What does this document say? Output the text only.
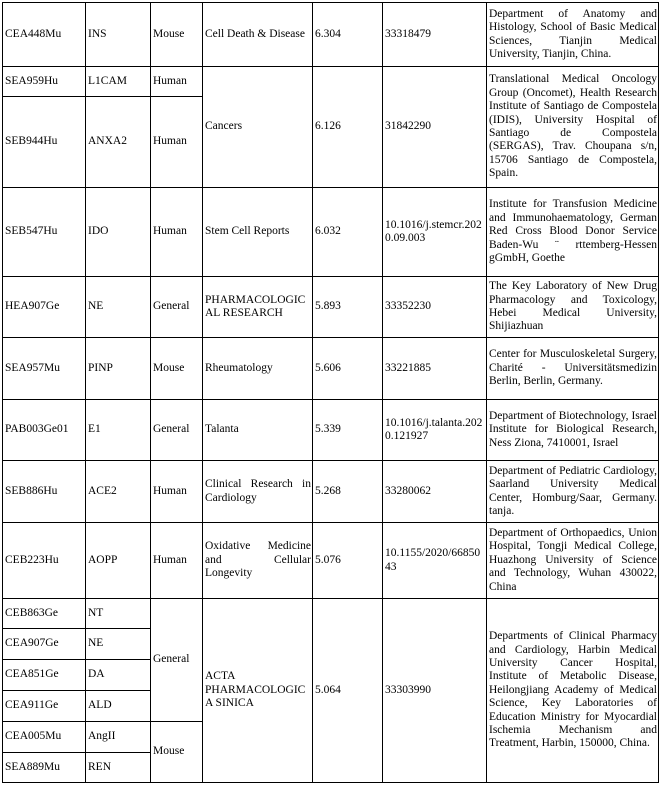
CEA448Mu	INS	Mouse	Cell Death & Disease	6.304	33318479	Department of Anatomy and Histology, School of Basic Medical Sciences, Tianjin Medical University, Tianjin, China.
SEA959Hu	L1CAM	Human	Cancers	6.126	31842290	Translational Medical Oncology Group (Oncomet), Health Research Institute of Santiago de Compostela (IDIS), University Hospital of Santiago de Compostela (SERGAS), Trav. Choupana s/n, 15706 Santiago de Compostela, Spain.
SEB944Hu	ANXA2	Human				
SEB547Hu	IDO	Human	Stem Cell Reports	6.032	10.1016/j.stemcr.2020.09.003	Institute for Transfusion Medicine and Immunohaematology, German Red Cross Blood Donor Service Baden-Wu ¨ rttemberg-Hessen gGmbH, Goethe
HEA907Ge	NE	General	PHARMACOLOGICAL RESEARCH	5.893	33352230	The Key Laboratory of New Drug Pharmacology and Toxicology, Hebei Medical University, Shijiazhuan
SEA957Mu	PINP	Mouse	Rheumatology	5.606	33221885	Center for Musculoskeletal Surgery, Charité - Universitätsmedizin Berlin, Berlin, Germany.
PAB003Ge01	E1	General	Talanta	5.339	10.1016/j.talanta.2020.121927	Department of Biotechnology, Israel Institute for Biological Research, Ness Ziona, 7410001, Israel
SEB886Hu	ACE2	Human	Clinical Research in Cardiology	5.268	33280062	Department of Pediatric Cardiology, Saarland University Medical Center, Homburg/Saar, Germany. tanja.
CEB223Hu	AOPP	Human	Oxidative Medicine and Cellular Longevity	5.076	10.1155/2020/6685043	Department of Orthopaedics, Union Hospital, Tongji Medical College, Huazhong University of Science and Technology, Wuhan 430022, China
CEB863Ge	NT	General	ACTA PHARMACOLOGICA SINICA	5.064	33303990	Departments of Clinical Pharmacy and Cardiology, Harbin Medical University Cancer Hospital, Institute of Metabolic Disease, Heilongjiang Academy of Medical Science, Key Laboratories of Education Ministry for Myocardial Ischemia Mechanism and Treatment, Harbin, 150000, China.
CEA907Ge	NE					
CEA851Ge	DA					
CEA911Ge	ALD					
CEA005Mu	AngII	Mouse				
SEA889Mu	REN					
